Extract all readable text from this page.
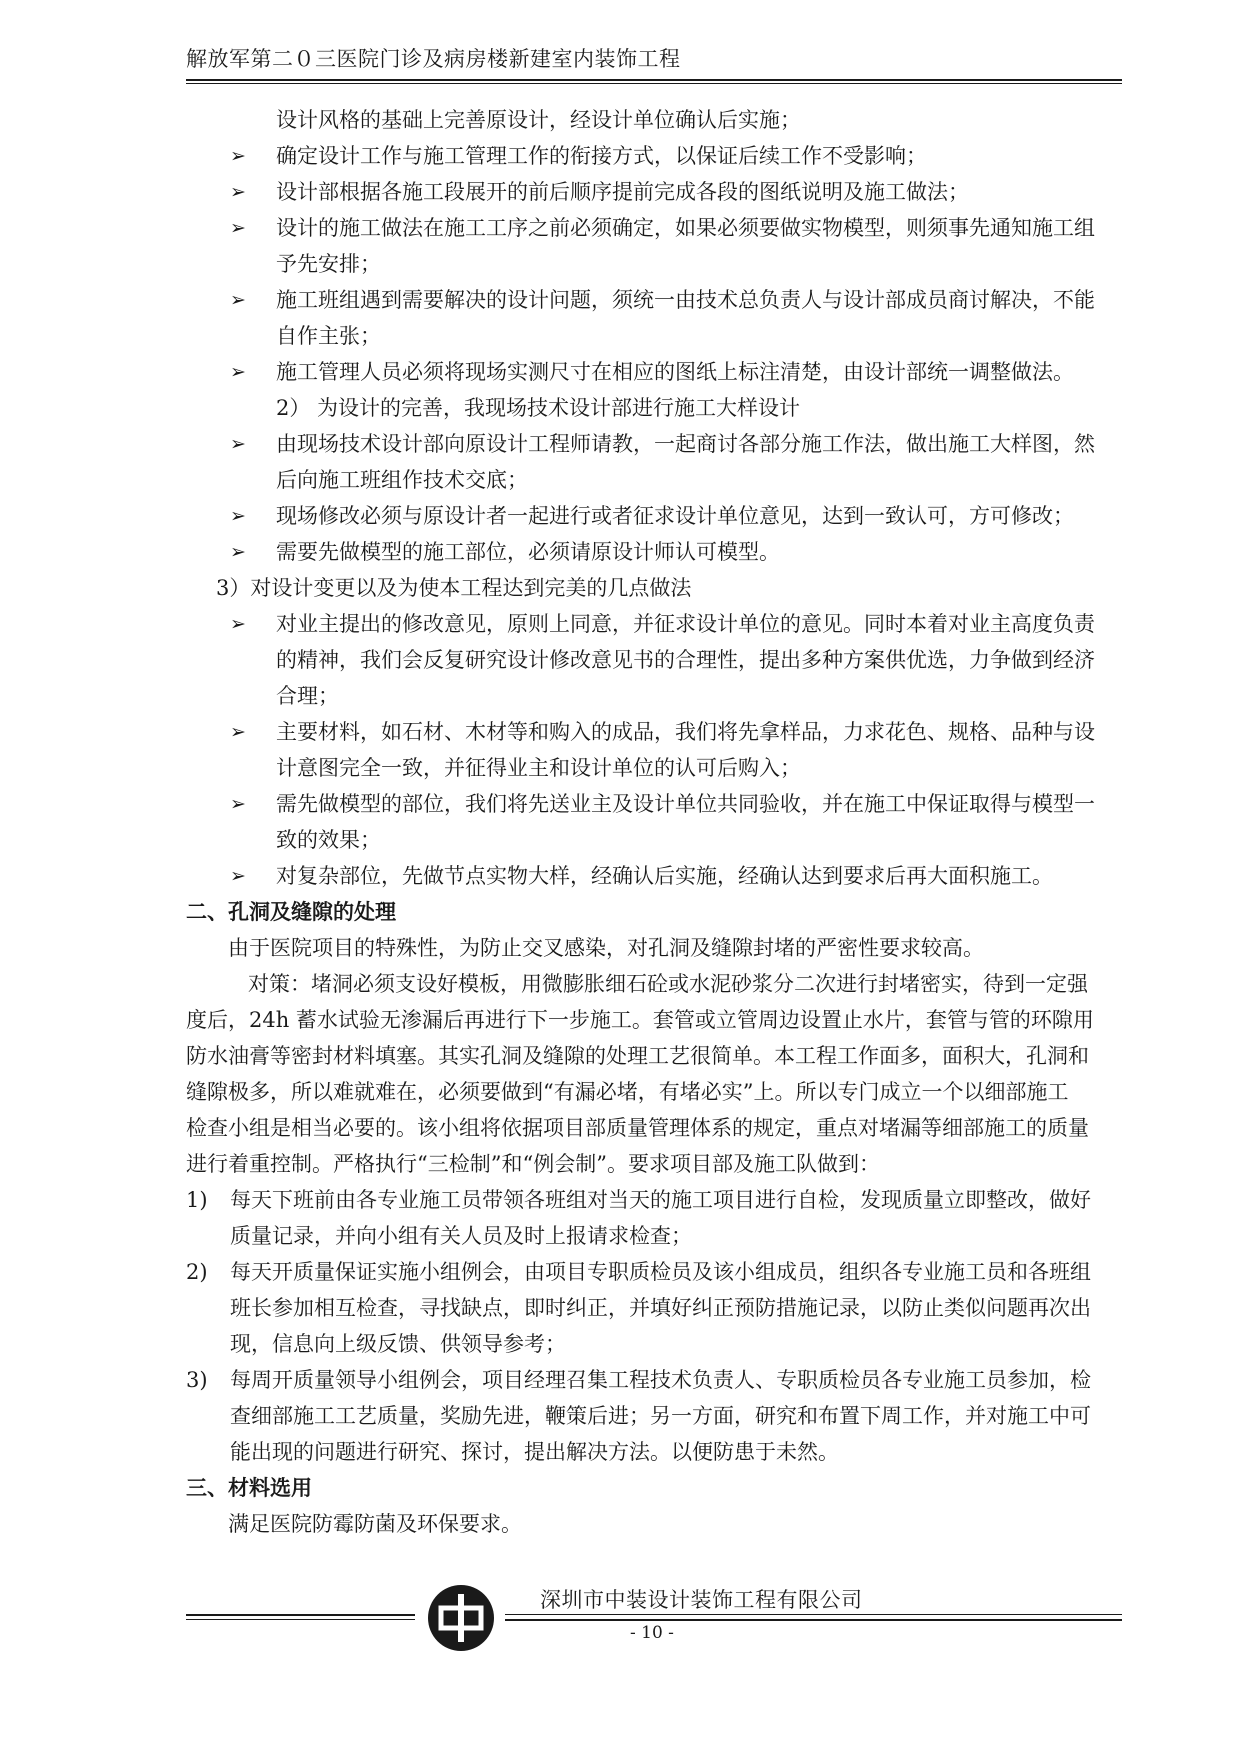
解放军第二０三医院门诊及病房楼新建室内装饰工程
设计风格的基础上完善原设计，经设计单位确认后实施；
➢ 确定设计工作与施工管理工作的衔接方式，以保证后续工作不受影响；
➢ 设计部根据各施工段展开的前后顺序提前完成各段的图纸说明及施工做法；
➢ 设计的施工做法在施工工序之前必须确定，如果必须要做实物模型，则须事先通知施工组
予先安排；
➢ 施工班组遇到需要解决的设计问题，须统一由技术总负责人与设计部成员商讨解决，不能
自作主张；
➢ 施工管理人员必须将现场实测尺寸在相应的图纸上标注清楚，由设计部统一调整做法。
2） 为设计的完善，我现场技术设计部进行施工大样设计
➢ 由现场技术设计部向原设计工程师请教，一起商讨各部分施工作法，做出施工大样图，然
后向施工班组作技术交底；
➢ 现场修改必须与原设计者一起进行或者征求设计单位意见，达到一致认可，方可修改；
➢ 需要先做模型的施工部位，必须请原设计师认可模型。
3）对设计变更以及为使本工程达到完美的几点做法
➢ 对业主提出的修改意见，原则上同意，并征求设计单位的意见。同时本着对业主高度负责
的精神，我们会反复研究设计修改意见书的合理性，提出多种方案供优选，力争做到经济
合理；
➢ 主要材料，如石材、木材等和购入的成品，我们将先拿样品，力求花色、规格、品种与设
计意图完全一致，并征得业主和设计单位的认可后购入；
➢ 需先做模型的部位，我们将先送业主及设计单位共同验收，并在施工中保证取得与模型一
致的效果；
➢ 对复杂部位，先做节点实物大样，经确认后实施，经确认达到要求后再大面积施工。
二、孔洞及缝隙的处理
由于医院项目的特殊性，为防止交叉感染，对孔洞及缝隙封堵的严密性要求较高。
对策：堵洞必须支设好模板，用微膨胀细石砼或水泥砂浆分二次进行封堵密实，待到一定强
度后，24h 蓄水试验无渗漏后再进行下一步施工。套管或立管周边设置止水片，套管与管的环隙用
防水油膏等密封材料填塞。其实孔洞及缝隙的处理工艺很简单。本工程工作面多，面积大，孔洞和
缝隙极多，所以难就难在，必须要做到“有漏必堵，有堵必实”上。所以专门成立一个以细部施工
检查小组是相当必要的。该小组将依据项目部质量管理体系的规定，重点对堵漏等细部施工的质量
进行着重控制。严格执行“三检制”和“例会制”。要求项目部及施工队做到：
1) 每天下班前由各专业施工员带领各班组对当天的施工项目进行自检，发现质量立即整改，做好
质量记录，并向小组有关人员及时上报请求检查；
2) 每天开质量保证实施小组例会，由项目专职质检员及该小组成员，组织各专业施工员和各班组
班长参加相互检查，寻找缺点，即时纠正，并填好纠正预防措施记录，以防止类似问题再次出
现，信息向上级反馈、供领导参考；
3) 每周开质量领导小组例会，项目经理召集工程技术负责人、专职质检员各专业施工员参加，检
查细部施工工艺质量，奖励先进，鞭策后进；另一方面，研究和布置下周工作，并对施工中可
能出现的问题进行研究、探讨，提出解决方法。以便防患于未然。
三、材料选用
满足医院防霉防菌及环保要求。
深圳市中装设计装饰工程有限公司
- 10 -
